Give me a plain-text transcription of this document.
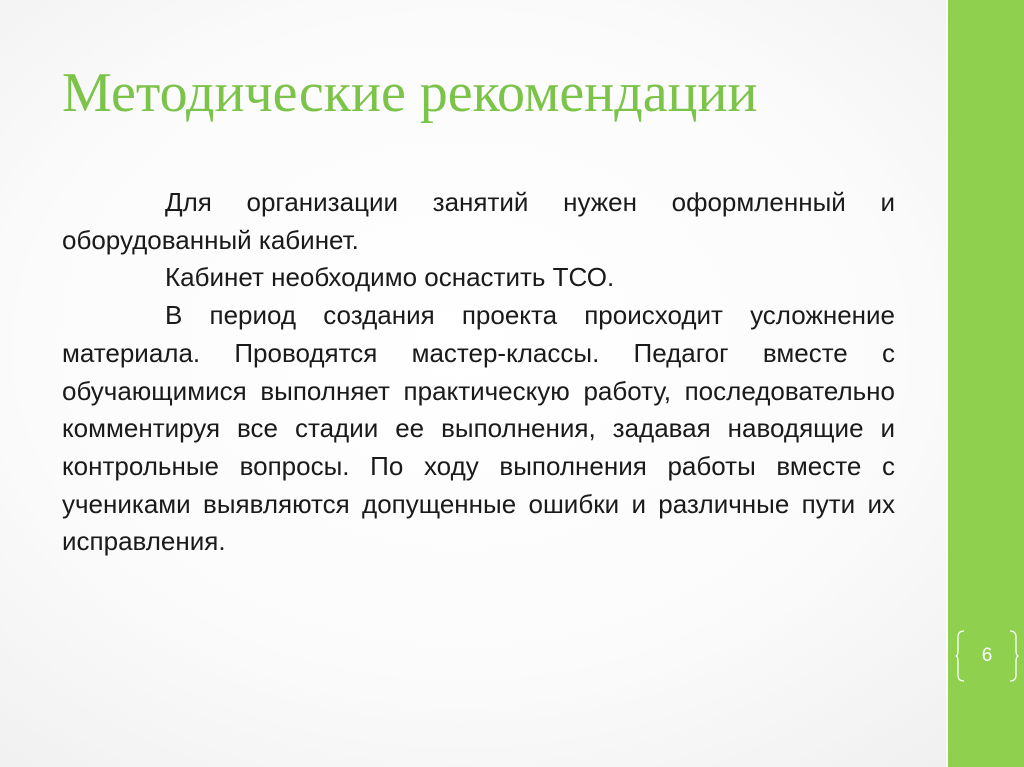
Методические рекомендации

Для организации занятий нужен оформленный и оборудованный кабинет.

Кабинет необходимо оснастить ТСО.

В период создания проекта происходит усложнение материала. Проводятся мастер-классы. Педагог вместе с обучающимися выполняет практическую работу, последовательно комментируя все стадии ее выполнения, задавая наводящие и контрольные вопросы. По ходу выполнения работы вместе с учениками выявляются допущенные ошибки и различные пути их исправления.

6
